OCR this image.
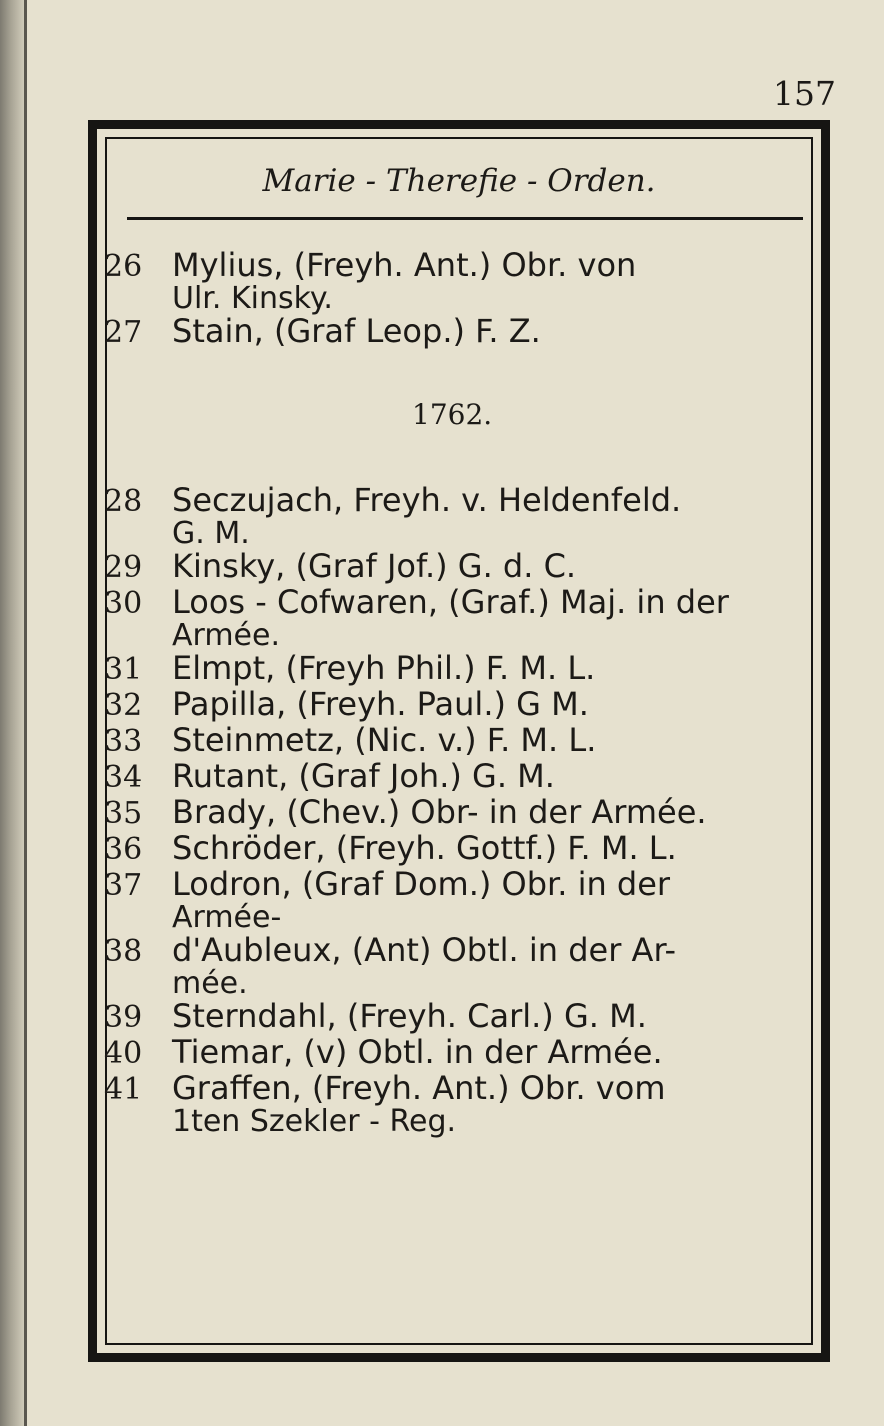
157
Marie - Therefie - Orden.
26 Mylius, (Freyh. Ant.) Obr. von
Ulr. Kinsky.
27 Stain, (Graf Leop.) F. Z.
1762.
28 Seczujach, Freyh. v. Heldenfeld.
G. M.
29 Kinsky, (Graf Jof.) G. d. C.
30 Loos - Cofwaren, (Graf.) Maj. in der
Armée.
31 Elmpt, (Freyh Phil.) F. M. L.
32 Papilla, (Freyh. Paul.) G M.
33 Steinmetz, (Nic. v.) F. M. L.
34 Rutant, (Graf Joh.) G. M.
35 Brady, (Chev.) Obr- in der Armée.
36 Schröder, (Freyh. Gottf.) F. M. L.
37 Lodron, (Graf Dom.) Obr. in der
Armée-
38 d'Aubleux, (Ant) Obtl. in der Ar-
mée.
39 Sterndahl, (Freyh. Carl.) G. M.
40 Tiemar, (v) Obtl. in der Armée.
41 Graffen, (Freyh. Ant.) Obr. vom
1ten Szekler - Reg.
